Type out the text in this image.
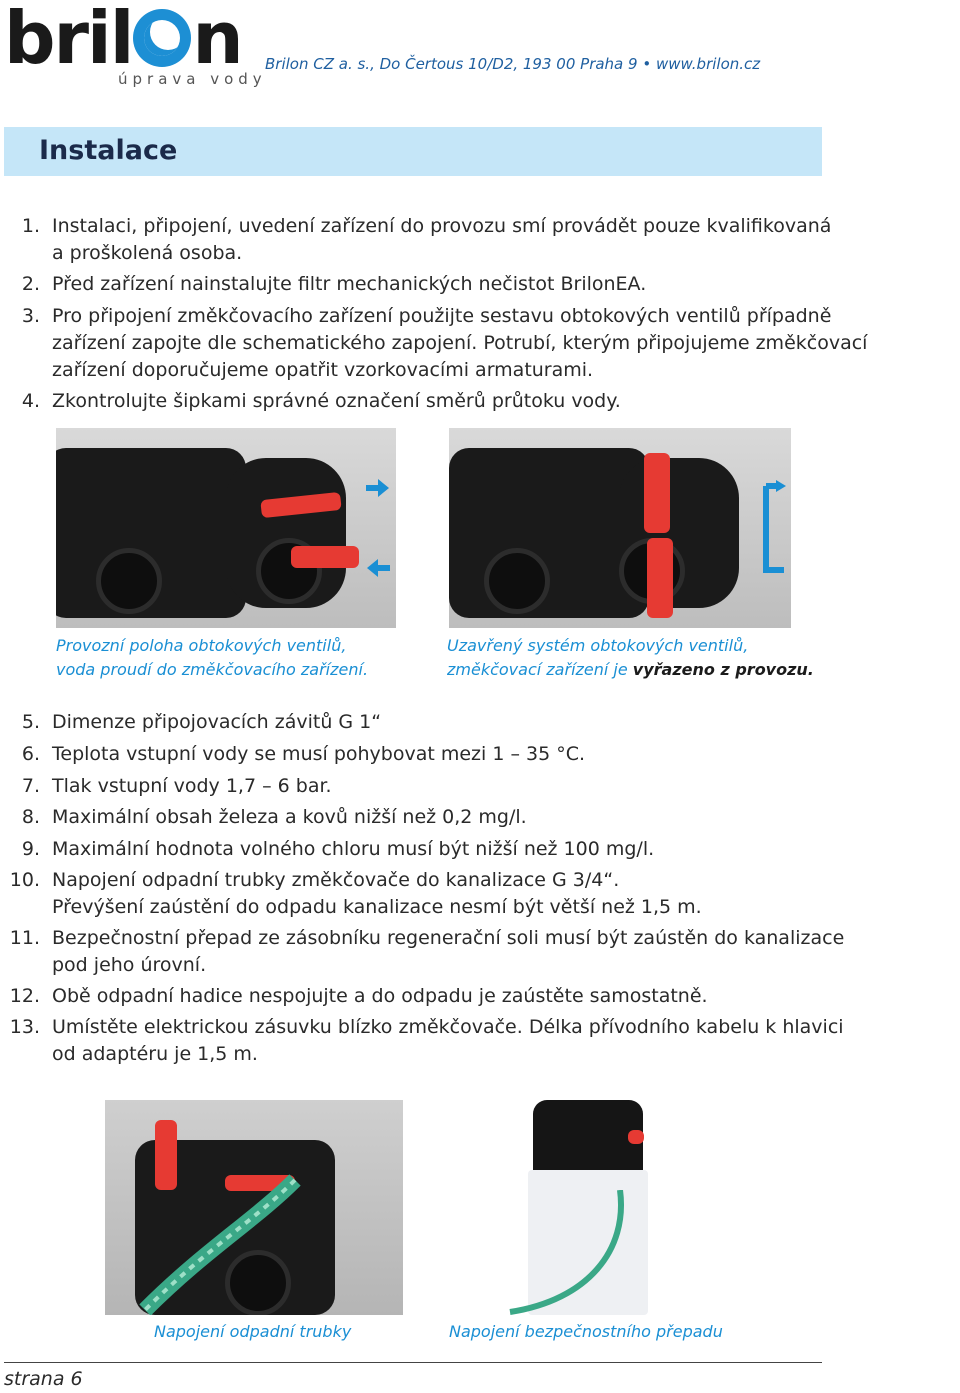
bril n
úprava vody
Brilon CZ a. s., Do Čertous 10/D2, 193 00 Praha 9 • www.brilon.cz
Instalace
1. Instalaci, připojení, uvedení zařízení do provozu smí provádět pouze kvalifikovaná
a proškolená osoba.
2. Před zařízení nainstalujte filtr mechanických nečistot BrilonEA.
3. Pro připojení změkčovacího zařízení použijte sestavu obtokových ventilů případně
zařízení zapojte dle schematického zapojení. Potrubí, kterým připojujeme změkčovací
zařízení doporučujeme opatřit vzorkovacími armaturami.
4. Zkontrolujte šipkami správné označení směrů průtoku vody.
Provozní poloha obtokových ventilů,
voda proudí do změkčovacího zařízení.
Uzavřený systém obtokových ventilů,
změkčovací zařízení je vyřazeno z provozu.
5. Dimenze připojovacích závitů G 1“
6. Teplota vstupní vody se musí pohybovat mezi 1 – 35 °C.
7. Tlak vstupní vody 1,7 – 6 bar.
8. Maximální obsah železa a kovů nižší než 0,2 mg/l.
9. Maximální hodnota volného chloru musí být nižší než 100 mg/l.
10. Napojení odpadní trubky změkčovače do kanalizace G 3/4“.
Převýšení zaústění do odpadu kanalizace nesmí být větší než 1,5 m.
11. Bezpečnostní přepad ze zásobníku regenerační soli musí být zaústěn do kanalizace
pod jeho úrovní.
12. Obě odpadní hadice nespojujte a do odpadu je zaústěte samostatně.
13. Umístěte elektrickou zásuvku blízko změkčovače. Délka přívodního kabelu k hlavici
od adaptéru je 1,5 m.
Napojení odpadní trubky	Napojení bezpečnostního přepadu
strana 6
